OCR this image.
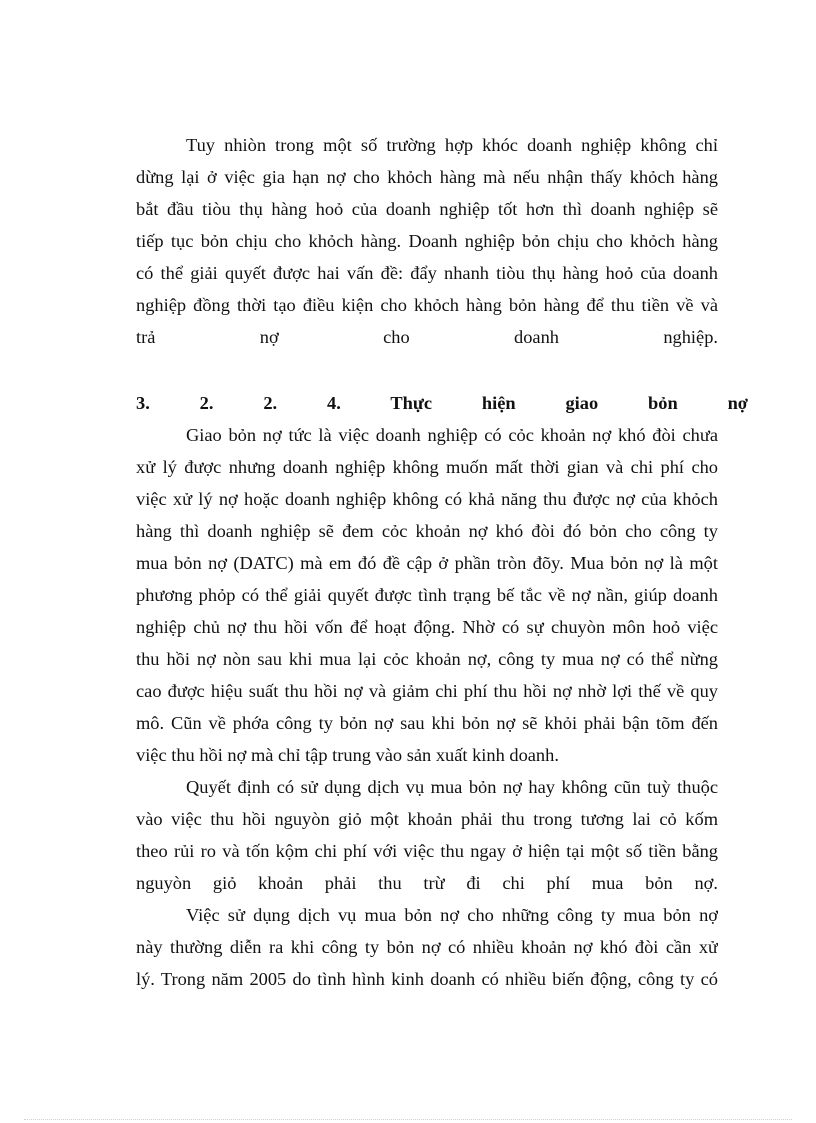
Tuy nhiòn trong một số trường hợp khóc doanh nghiệp không chỉ
dừng lại ở việc gia hạn nợ cho khỏch hàng mà nếu nhận thấy khỏch hàng
bắt đầu tiòu thụ hàng hoỏ của doanh nghiệp tốt hơn thì doanh nghiệp sẽ
tiếp tục bỏn chịu cho khỏch hàng. Doanh nghiệp bỏn chịu cho khỏch hàng
có thể giải quyết được hai vấn đề: đẩy nhanh tiòu thụ hàng hoỏ của doanh
nghiệp đồng thời tạo điều kiện cho khỏch hàng bỏn hàng để thu tiền về và
trả nợ cho doanh nghiệp.
3. 2. 2. 4. Thực hiện giao bỏn nợ
Giao bỏn nợ tức là việc doanh nghiệp có cỏc khoản nợ khó đòi chưa
xử lý được nhưng doanh nghiệp không muốn mất thời gian và chi phí cho
việc xử lý nợ hoặc doanh nghiệp không có khả năng thu được nợ của khỏch
hàng thì doanh nghiệp sẽ đem cỏc khoản nợ khó đòi đó bỏn cho công ty
mua bỏn nợ (DATC) mà em đó đề cập ở phần tròn đõy. Mua bỏn nợ là một
phương phỏp có thể giải quyết được tình trạng bế tắc về nợ nần, giúp doanh
nghiệp chủ nợ thu hồi vốn để hoạt động. Nhờ có sự chuyòn môn hoỏ việc
thu hồi nợ nòn sau khi mua lại cỏc khoản nợ, công ty mua nợ có thể nừng
cao được hiệu suất thu hồi nợ và giảm chi phí thu hồi nợ nhờ lợi thế về quy
mô. Cũn về phớa công ty bỏn nợ sau khi bỏn nợ sẽ khỏi phải bận tõm đến
việc thu hồi nợ mà chỉ tập trung vào sản xuất kinh doanh.
Quyết định có sử dụng dịch vụ mua bỏn nợ hay không cũn tuỳ thuộc
vào việc thu hồi nguyòn giỏ một khoản phải thu trong tương lai cỏ kốm
theo rủi ro và tốn kộm chi phí với việc thu ngay ở hiện tại một số tiền bằng
nguyòn giỏ khoản phải thu trừ đi chi phí mua bỏn nợ.
Việc sử dụng dịch vụ mua bỏn nợ cho những công ty mua bỏn nợ
này thường diễn ra khi công ty bỏn nợ có nhiều khoản nợ khó đòi cần xử
lý. Trong năm 2005 do tình hình kinh doanh có nhiều biến động, công ty có
